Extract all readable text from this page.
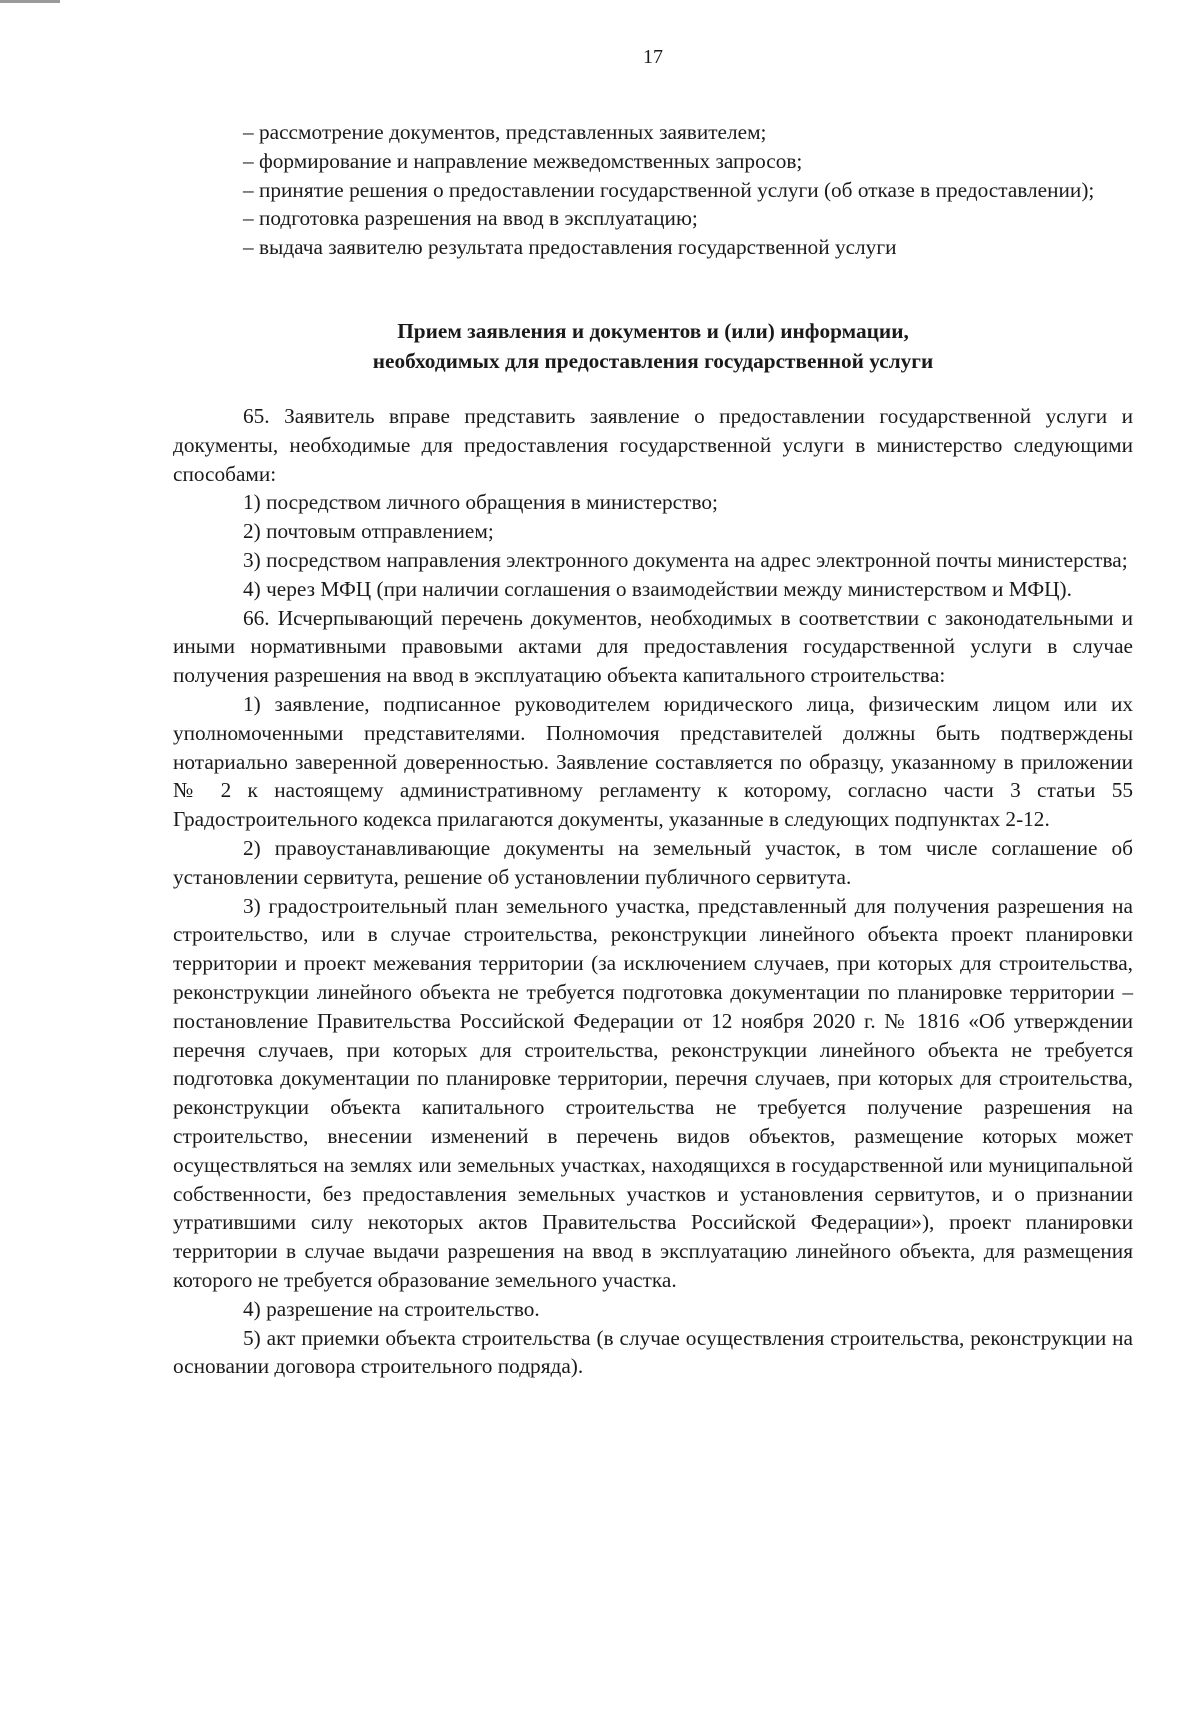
17

– рассмотрение документов, представленных заявителем;

– формирование и направление межведомственных запросов;

– принятие решения о предоставлении государственной услуги (об отказе в предоставлении);

– подготовка разрешения на ввод в эксплуатацию;

– выдача заявителю результата предоставления государственной услуги

Прием заявления и документов и (или) информации,
необходимых для предоставления государственной услуги

65. Заявитель вправе представить заявление о предоставлении государственной услуги и документы, необходимые для предоставления государственной услуги в министерство следующими способами:

1) посредством личного обращения в министерство;

2) почтовым отправлением;

3) посредством направления электронного документа на адрес электронной почты министерства;

4) через МФЦ (при наличии соглашения о взаимодействии между министерством и МФЦ).

66. Исчерпывающий перечень документов, необходимых в соответствии с законодательными и иными нормативными правовыми актами для предоставления государственной услуги в случае получения разрешения на ввод в эксплуатацию объекта капитального строительства:

1) заявление, подписанное руководителем юридического лица, физическим лицом или их уполномоченными представителями. Полномочия представителей должны быть подтверждены нотариально заверенной доверенностью. Заявление составляется по образцу, указанному в приложении № 2 к настоящему административному регламенту к которому, согласно части 3 статьи 55 Градостроительного кодекса прилагаются документы, указанные в следующих подпунктах 2-12.

2) правоустанавливающие документы на земельный участок, в том числе соглашение об установлении сервитута, решение об установлении публичного сервитута.

3) градостроительный план земельного участка, представленный для получения разрешения на строительство, или в случае строительства, реконструкции линейного объекта проект планировки территории и проект межевания территории (за исключением случаев, при которых для строительства, реконструкции линейного объекта не требуется подготовка документации по планировке территории – постановление Правительства Российской Федерации от 12 ноября 2020 г. № 1816 «Об утверждении перечня случаев, при которых для строительства, реконструкции линейного объекта не требуется подготовка документации по планировке территории, перечня случаев, при которых для строительства, реконструкции объекта капитального строительства не требуется получение разрешения на строительство, внесении изменений в перечень видов объектов, размещение которых может осуществляться на землях или земельных участках, находящихся в государственной или муниципальной собственности, без предоставления земельных участков и установления сервитутов, и о признании утратившими силу некоторых актов Правительства Российской Федерации»), проект планировки территории в случае выдачи разрешения на ввод в эксплуатацию линейного объекта, для размещения которого не требуется образование земельного участка.

4) разрешение на строительство.

5) акт приемки объекта строительства (в случае осуществления строительства, реконструкции на основании договора строительного подряда).
